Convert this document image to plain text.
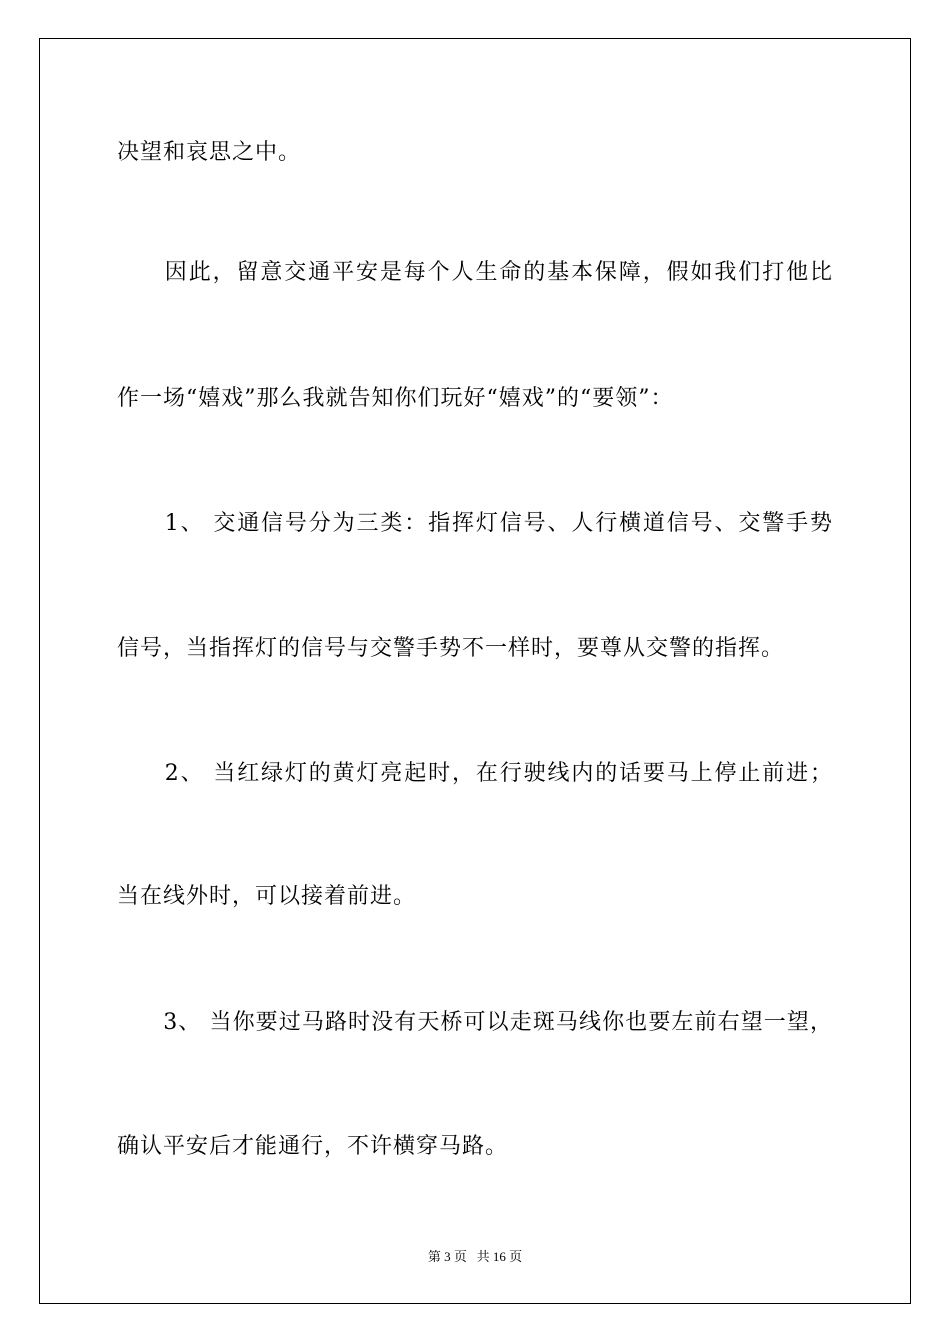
决望和哀思之中。
　　因此，留意交通平安是每个人生命的基本保障，假如我们打他比
作一场“嬉戏”那么我就告知你们玩好“嬉戏”的“要领”：
　　1、 交通信号分为三类：指挥灯信号、人行横道信号、交警手势
信号，当指挥灯的信号与交警手势不一样时，要尊从交警的指挥。
　　2、 当红绿灯的黄灯亮起时，在行驶线内的话要马上停止前进；
当在线外时，可以接着前进。
　　3、 当你要过马路时没有天桥可以走斑马线你也要左前右望一望，
确认平安后才能通行，不许横穿马路。
第 3 页 共 16 页
